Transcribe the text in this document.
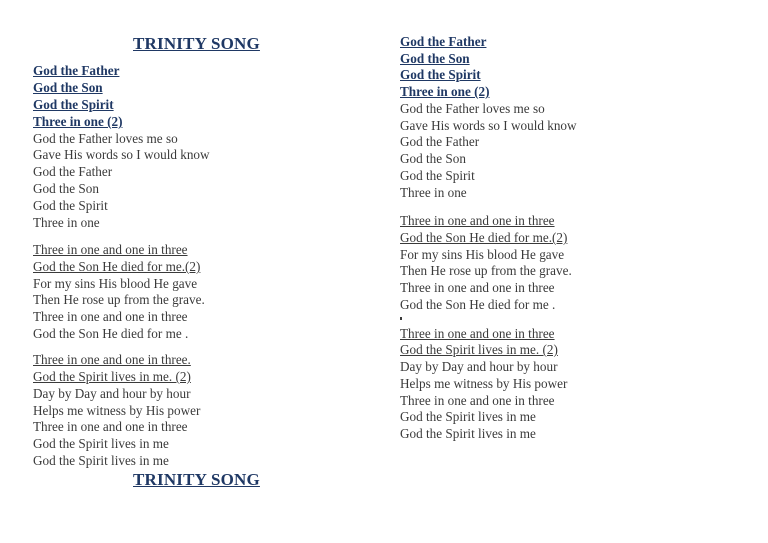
TRINITY SONG
God the Father
God the Son
God the Spirit
Three in one (2)
God the Father loves me so
Gave His words so I would know
God the Father
God the Son
God the Spirit
Three in one
Three in one and one in three
God the Son He died for me.(2)
For my sins His blood He gave
Then He rose up from the grave.
Three in one and one in three
God the Son He died for me .
Three in one and one in three.
God the Spirit lives in me. (2)
Day by Day and hour by hour
Helps me witness by His power
Three in one and one in three
God the Spirit lives in me
God the Spirit lives in me
TRINITY SONG
God the Father
God the Son
God the Spirit
Three in one (2)
God the Father loves me so
Gave His words so I would know
God the Father
God the Son
God the Spirit
Three in one
Three in one and one in three
God the Son He died for me.(2)
For my sins His blood He gave
Then He rose up from the grave.
Three in one and one in three
God the Son He died for me .
Three in one and one in three
God the Spirit lives in me. (2)
Day by Day and hour by hour
Helps me witness by His power
Three in one and one in three
God the Spirit lives in me
God the Spirit lives in me
